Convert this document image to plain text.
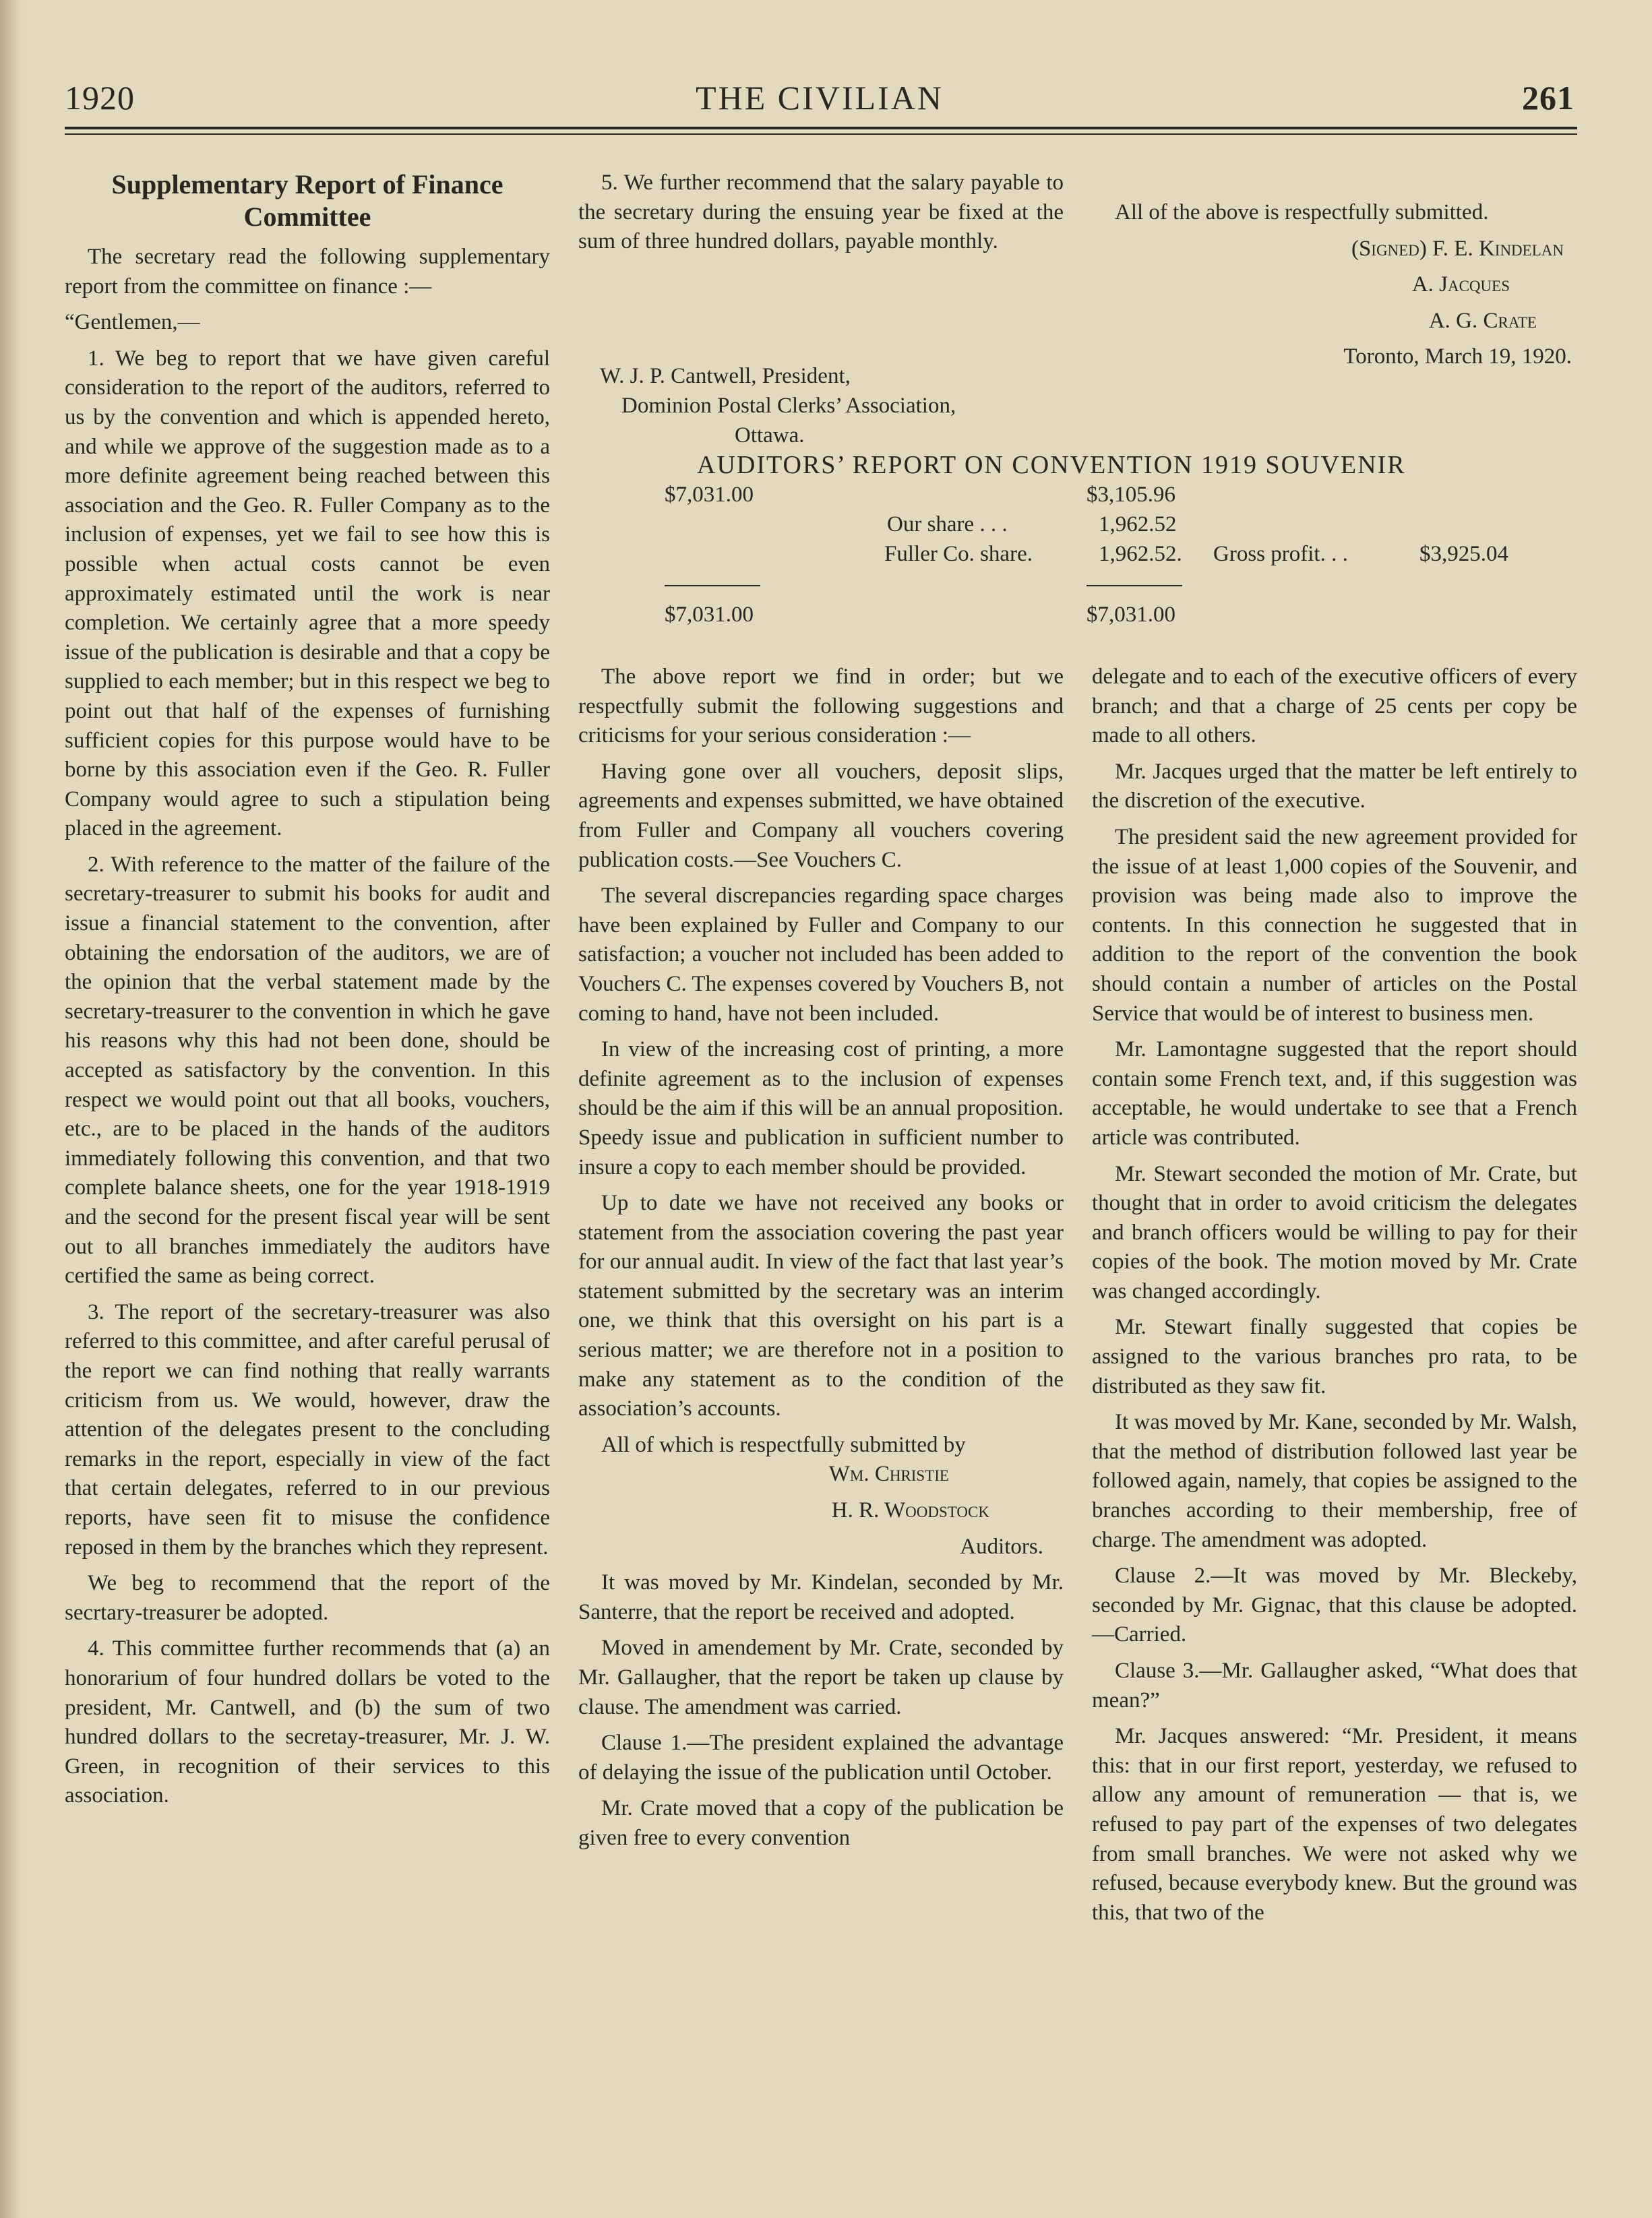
1920	THE CIVILIAN	261
Supplementary Report of Finance Committee

The secretary read the following supplementary report from the committee on finance :—

“Gentlemen,—

1. We beg to report that we have given careful consideration to the report of the auditors, referred to us by the convention and which is appended hereto, and while we approve of the suggestion made as to a more definite agreement being reached between this association and the Geo. R. Fuller Company as to the inclusion of expenses, yet we fail to see how this is possible when actual costs cannot be even approximately estimated until the work is near completion. We certainly agree that a more speedy issue of the publication is desirable and that a copy be supplied to each member; but in this respect we beg to point out that half of the expenses of furnishing sufficient copies for this purpose would have to be borne by this association even if the Geo. R. Fuller Company would agree to such a stipulation being placed in the agreement.

2. With reference to the matter of the failure of the secretary-treasurer to submit his books for audit and issue a financial statement to the convention, after obtaining the endorsation of the auditors, we are of the opinion that the verbal statement made by the secretary-treasurer to the convention in which he gave his reasons why this had not been done, should be accepted as satisfactory by the convention. In this respect we would point out that all books, vouchers, etc., are to be placed in the hands of the auditors immediately following this convention, and that two complete balance sheets, one for the year 1918-1919 and the second for the present fiscal year will be sent out to all branches immediately the auditors have certified the same as being correct.

3. The report of the secretary-treasurer was also referred to this committee, and after careful perusal of the report we can find nothing that really warrants criticism from us. We would, however, draw the attention of the delegates present to the concluding remarks in the report, especially in view of the fact that certain delegates, referred to in our previous reports, have seen fit to misuse the confidence reposed in them by the branches which they represent.

We beg to recommend that the report of the secrtary-treasurer be adopted.

4. This committee further recommends that (a) an honorarium of four hundred dollars be voted to the president, Mr. Cantwell, and (b) the sum of two hundred dollars to the secretay-treasurer, Mr. J. W. Green, in recognition of their services to this association.

5. We further recommend that the salary payable to the secretary during the ensuing year be fixed at the sum of three hundred dollars, payable monthly.

All of the above is respectfully submitted.

(Signed) F. E. Kindelan

A. Jacques

A. G. Crate

Toronto, March 19, 1920.

W. J. P. Cantwell, President,
Dominion Postal Clerks’ Association,
Ottawa.
AUDITORS’ REPORT ON CONVENTION 1919 SOUVENIR
$7,031.00	$3,105.96
Our share . . .	1,962.52
Fuller Co. share.	1,962.52. Gross profit. . .	$3,925.04
$7,031.00	$7,031.00

The above report we find in order; but we respectfully submit the following suggestions and criticisms for your serious consideration :—

Having gone over all vouchers, deposit slips, agreements and expenses submitted, we have obtained from Fuller and Company all vouchers covering publication costs.—See Vouchers C.

The several discrepancies regarding space charges have been explained by Fuller and Company to our satisfaction; a voucher not included has been added to Vouchers C. The expenses covered by Vouchers B, not coming to hand, have not been included.

In view of the increasing cost of printing, a more definite agreement as to the inclusion of expenses should be the aim if this will be an annual proposition. Speedy issue and publication in sufficient number to insure a copy to each member should be provided.

Up to date we have not received any books or statement from the association covering the past year for our annual audit. In view of the fact that last year’s statement submitted by the secretary was an interim one, we think that this oversight on his part is a serious matter; we are therefore not in a position to make any statement as to the condition of the association’s accounts.

All of which is respectfully submitted by

Wm. Christie

H. R. Woodstock

Auditors.

It was moved by Mr. Kindelan, seconded by Mr. Santerre, that the report be received and adopted.

Moved in amendement by Mr. Crate, seconded by Mr. Gallaugher, that the report be taken up clause by clause. The amendment was carried.

Clause 1.—The president explained the advantage of delaying the issue of the publication until October.

Mr. Crate moved that a copy of the publication be given free to every convention

delegate and to each of the executive officers of every branch; and that a charge of 25 cents per copy be made to all others.

Mr. Jacques urged that the matter be left entirely to the discretion of the executive.

The president said the new agreement provided for the issue of at least 1,000 copies of the Souvenir, and provision was being made also to improve the contents. In this connection he suggested that in addition to the report of the convention the book should contain a number of articles on the Postal Service that would be of interest to business men.

Mr. Lamontagne suggested that the report should contain some French text, and, if this suggestion was acceptable, he would undertake to see that a French article was contributed.

Mr. Stewart seconded the motion of Mr. Crate, but thought that in order to avoid criticism the delegates and branch officers would be willing to pay for their copies of the book. The motion moved by Mr. Crate was changed accordingly.

Mr. Stewart finally suggested that copies be assigned to the various branches pro rata, to be distributed as they saw fit.

It was moved by Mr. Kane, seconded by Mr. Walsh, that the method of distribution followed last year be followed again, namely, that copies be assigned to the branches according to their membership, free of charge. The amendment was adopted.

Clause 2.—It was moved by Mr. Bleckeby, seconded by Mr. Gignac, that this clause be adopted.—Carried.

Clause 3.—Mr. Gallaugher asked, “What does that mean?”

Mr. Jacques answered: “Mr. President, it means this: that in our first report, yesterday, we refused to allow any amount of remuneration — that is, we refused to pay part of the expenses of two delegates from small branches. We were not asked why we refused, because everybody knew. But the ground was this, that two of the
